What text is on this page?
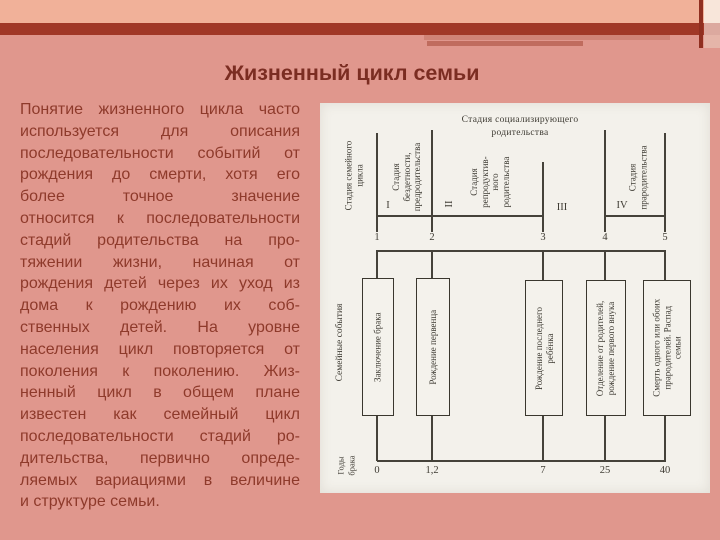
Жизненный цикл семьи
Понятие жизненного цикла часто
используется для описания
последовательности событий от
рождения до смерти, хотя его
более точное значение
относится к последовательности
стадий родительства на про-
тяжении жизни, начиная от
рождения детей через их уход из
дома к рождению их соб-
ственных детей. На уровне
населения цикл повторяется от
поколения к поколению. Жиз-
ненный цикл в общем плане
известен как семейный цикл
последовательности стадий ро-
дительства, первично опреде-
ляемых вариациями в величине
и структуре семьи.
Стадия социализирующего
родительства
Стадия семейного цикла	Стадия бездетности, предродительства	Стадия репродуктив- ного родительства	Стадия прародительства
I	II	III	IV
1	2	3	4	5
Семейные события	Заключение брака	Рождение первенца	Рождение последнего ребёнка	Отделение от родителей, рождение первого внука	Смерть одного или обоих прародителей. Распад семьи
Годы брака	0	1,2	7	25	40
